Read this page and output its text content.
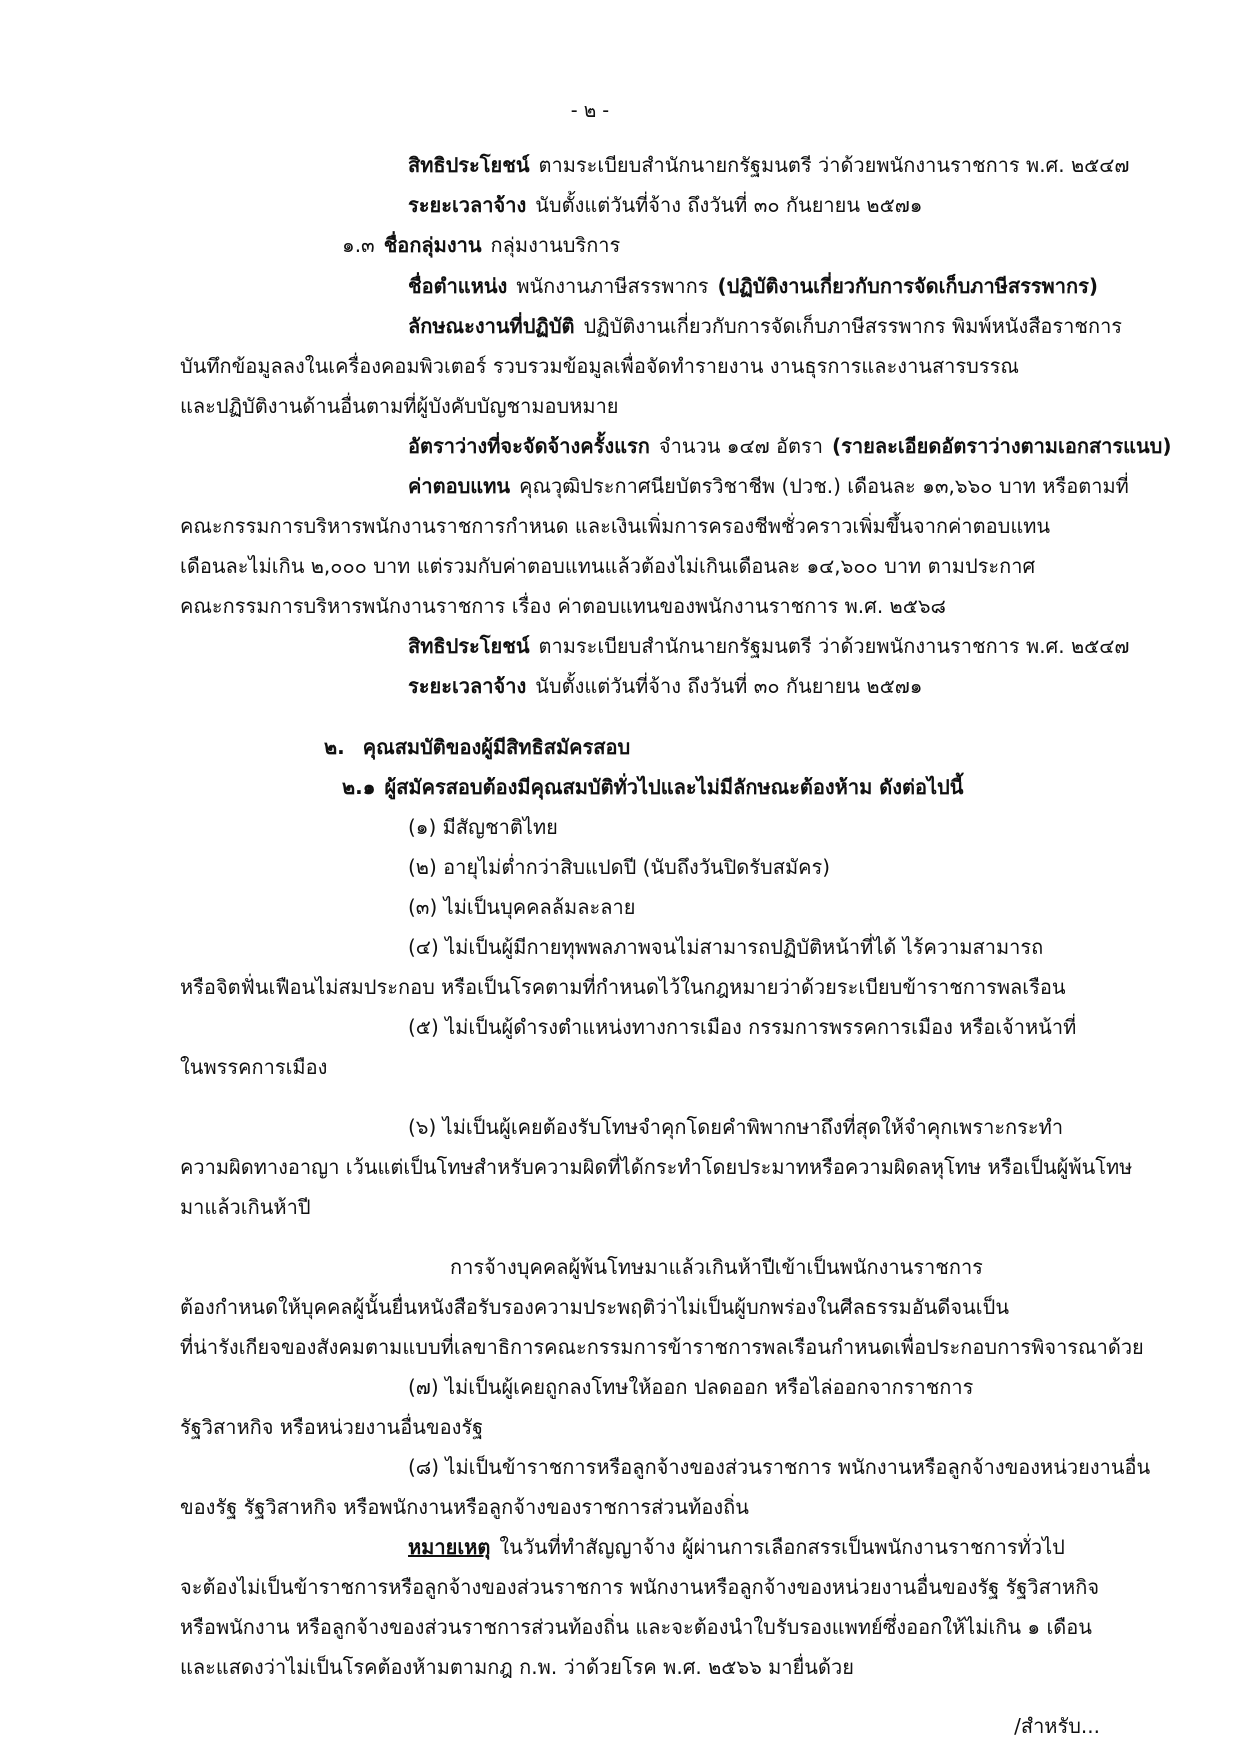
- ๒ -
สิทธิประโยชน์ ตามระเบียบสำนักนายกรัฐมนตรี ว่าด้วยพนักงานราชการ พ.ศ. ๒๕๔๗
ระยะเวลาจ้าง นับตั้งแต่วันที่จ้าง ถึงวันที่ ๓๐ กันยายน ๒๕๗๑
๑.๓ ชื่อกลุ่มงาน กลุ่มงานบริการ
ชื่อตำแหน่ง พนักงานภาษีสรรพากร (ปฏิบัติงานเกี่ยวกับการจัดเก็บภาษีสรรพากร)
ลักษณะงานที่ปฏิบัติ ปฏิบัติงานเกี่ยวกับการจัดเก็บภาษีสรรพากร พิมพ์หนังสือราชการ
บันทึกข้อมูลลงในเครื่องคอมพิวเตอร์ รวบรวมข้อมูลเพื่อจัดทำรายงาน งานธุรการและงานสารบรรณ
และปฏิบัติงานด้านอื่นตามที่ผู้บังคับบัญชามอบหมาย
อัตราว่างที่จะจัดจ้างครั้งแรก จำนวน ๑๔๗ อัตรา (รายละเอียดอัตราว่างตามเอกสารแนบ)
ค่าตอบแทน คุณวุฒิประกาศนียบัตรวิชาชีพ (ปวช.) เดือนละ ๑๓,๖๖๐ บาท หรือตามที่
คณะกรรมการบริหารพนักงานราชการกำหนด และเงินเพิ่มการครองชีพชั่วคราวเพิ่มขึ้นจากค่าตอบแทน
เดือนละไม่เกิน ๒,๐๐๐ บาท แต่รวมกับค่าตอบแทนแล้วต้องไม่เกินเดือนละ ๑๔,๖๐๐ บาท ตามประกาศ
คณะกรรมการบริหารพนักงานราชการ เรื่อง ค่าตอบแทนของพนักงานราชการ พ.ศ. ๒๕๖๘
สิทธิประโยชน์ ตามระเบียบสำนักนายกรัฐมนตรี ว่าด้วยพนักงานราชการ พ.ศ. ๒๕๔๗
ระยะเวลาจ้าง นับตั้งแต่วันที่จ้าง ถึงวันที่ ๓๐ กันยายน ๒๕๗๑
๒. คุณสมบัติของผู้มีสิทธิสมัครสอบ
๒.๑ ผู้สมัครสอบต้องมีคุณสมบัติทั่วไปและไม่มีลักษณะต้องห้าม ดังต่อไปนี้
(๑) มีสัญชาติไทย
(๒) อายุไม่ต่ำกว่าสิบแปดปี (นับถึงวันปิดรับสมัคร)
(๓) ไม่เป็นบุคคลล้มละลาย
(๔) ไม่เป็นผู้มีกายทุพพลภาพจนไม่สามารถปฏิบัติหน้าที่ได้ ไร้ความสามารถ
หรือจิตฟั่นเฟือนไม่สมประกอบ หรือเป็นโรคตามที่กำหนดไว้ในกฎหมายว่าด้วยระเบียบข้าราชการพลเรือน
(๕) ไม่เป็นผู้ดำรงตำแหน่งทางการเมือง กรรมการพรรคการเมือง หรือเจ้าหน้าที่
ในพรรคการเมือง
(๖) ไม่เป็นผู้เคยต้องรับโทษจำคุกโดยคำพิพากษาถึงที่สุดให้จำคุกเพราะกระทำ
ความผิดทางอาญา เว้นแต่เป็นโทษสำหรับความผิดที่ได้กระทำโดยประมาทหรือความผิดลหุโทษ หรือเป็นผู้พ้นโทษ
มาแล้วเกินห้าปี
การจ้างบุคคลผู้พ้นโทษมาแล้วเกินห้าปีเข้าเป็นพนักงานราชการ
ต้องกำหนดให้บุคคลผู้นั้นยื่นหนังสือรับรองความประพฤติว่าไม่เป็นผู้บกพร่องในศีลธรรมอันดีจนเป็น
ที่น่ารังเกียจของสังคมตามแบบที่เลขาธิการคณะกรรมการข้าราชการพลเรือนกำหนดเพื่อประกอบการพิจารณาด้วย
(๗) ไม่เป็นผู้เคยถูกลงโทษให้ออก ปลดออก หรือไล่ออกจากราชการ
รัฐวิสาหกิจ หรือหน่วยงานอื่นของรัฐ
(๘) ไม่เป็นข้าราชการหรือลูกจ้างของส่วนราชการ พนักงานหรือลูกจ้างของหน่วยงานอื่น
ของรัฐ รัฐวิสาหกิจ หรือพนักงานหรือลูกจ้างของราชการส่วนท้องถิ่น
หมายเหตุ ในวันที่ทำสัญญาจ้าง ผู้ผ่านการเลือกสรรเป็นพนักงานราชการทั่วไป
จะต้องไม่เป็นข้าราชการหรือลูกจ้างของส่วนราชการ พนักงานหรือลูกจ้างของหน่วยงานอื่นของรัฐ รัฐวิสาหกิจ
หรือพนักงาน หรือลูกจ้างของส่วนราชการส่วนท้องถิ่น และจะต้องนำใบรับรองแพทย์ซึ่งออกให้ไม่เกิน ๑ เดือน
และแสดงว่าไม่เป็นโรคต้องห้ามตามกฎ ก.พ. ว่าด้วยโรค พ.ศ. ๒๕๖๖ มายื่นด้วย
/สำหรับ...
